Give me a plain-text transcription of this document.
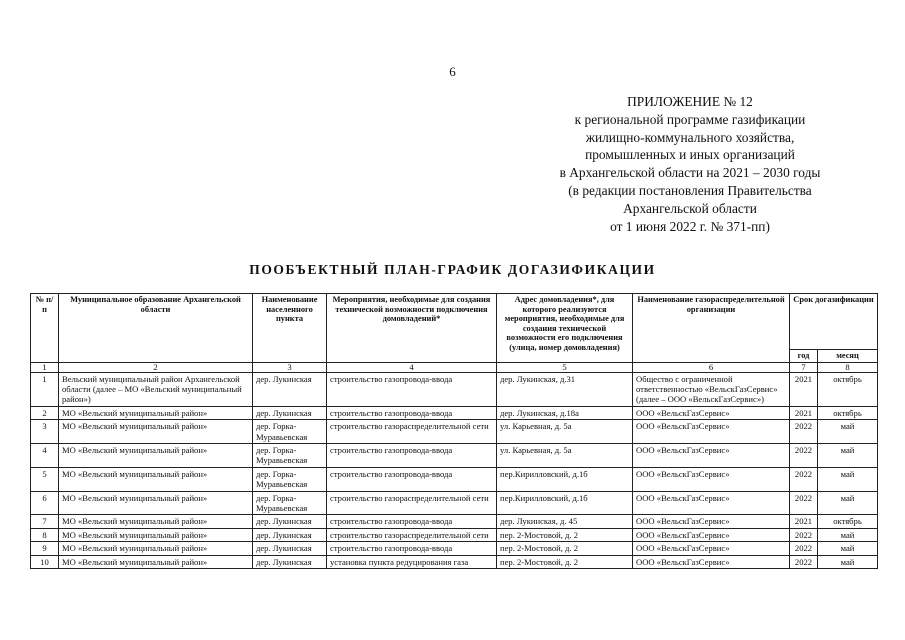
6
ПРИЛОЖЕНИЕ № 12
к региональной программе газификации
жилищно-коммунального хозяйства,
промышленных и иных организаций
в Архангельской области на 2021 – 2030 годы
(в редакции постановления Правительства
Архангельской области
от 1 июня 2022 г. № 371-пп)
ПООБЪЕКТНЫЙ ПЛАН-ГРАФИК ДОГАЗИФИКАЦИИ
№ п/п	Муниципальное образование Архангельской области	Наименование населенного пункта	Мероприятия, необходимые для создания технической возможности подключения домовладений*	Адрес домовладения*, для которого реализуются мероприятия, необходимые для создания технической возможности его подключения (улица, номер домовладения)	Наименование газораспределительной организации	Срок догазификации	
						год	месяц
1	2	3	4	5	6	7	8
1	Вельский муниципальный район Архангельской области (далее – МО «Вельский муниципальный район»)	дер. Лукинская	строительство газопровода-ввода	дер. Лукинская, д.31	Общество с ограниченной ответственностью «ВельскГазСервис» (далее – ООО «ВельскГазСервис»)	2021	октябрь
2	МО «Вельский муниципальный район»	дер. Лукинская	строительство газопровода-ввода	дер. Лукинская, д.18а	ООО «ВельскГазСервис»	2021	октябрь
3	МО «Вельский муниципальный район»	дер. Горка-Муравьевская	строительство газораспределительной сети	ул. Карьевная, д. 5а	ООО «ВельскГазСервис»	2022	май
4	МО «Вельский муниципальный район»	дер. Горка-Муравьевская	строительство газопровода-ввода	ул. Карьевная, д. 5а	ООО «ВельскГазСервис»	2022	май
5	МО «Вельский муниципальный район»	дер. Горка-Муравьевская	строительство газопровода-ввода	пер.Кирилловский, д.1б	ООО «ВельскГазСервис»	2022	май
6	МО «Вельский муниципальный район»	дер. Горка-Муравьевская	строительство газораспределительной сети	пер.Кирилловский, д.1б	ООО «ВельскГазСервис»	2022	май
7	МО «Вельский муниципальный район»	дер. Лукинская	строительство газопровода-ввода	дер. Лукинская, д. 45	ООО «ВельскГазСервис»	2021	октябрь
8	МО «Вельский муниципальный район»	дер. Лукинская	строительство газораспределительной сети	пер. 2-Мостовой, д. 2	ООО «ВельскГазСервис»	2022	май
9	МО «Вельский муниципальный район»	дер. Лукинская	строительство газопровода-ввода	пер. 2-Мостовой, д. 2	ООО «ВельскГазСервис»	2022	май
10	МО «Вельский муниципальный район»	дер. Лукинская	установка пункта редуцирования газа	пер. 2-Мостовой, д. 2	ООО «ВельскГазСервис»	2022	май
